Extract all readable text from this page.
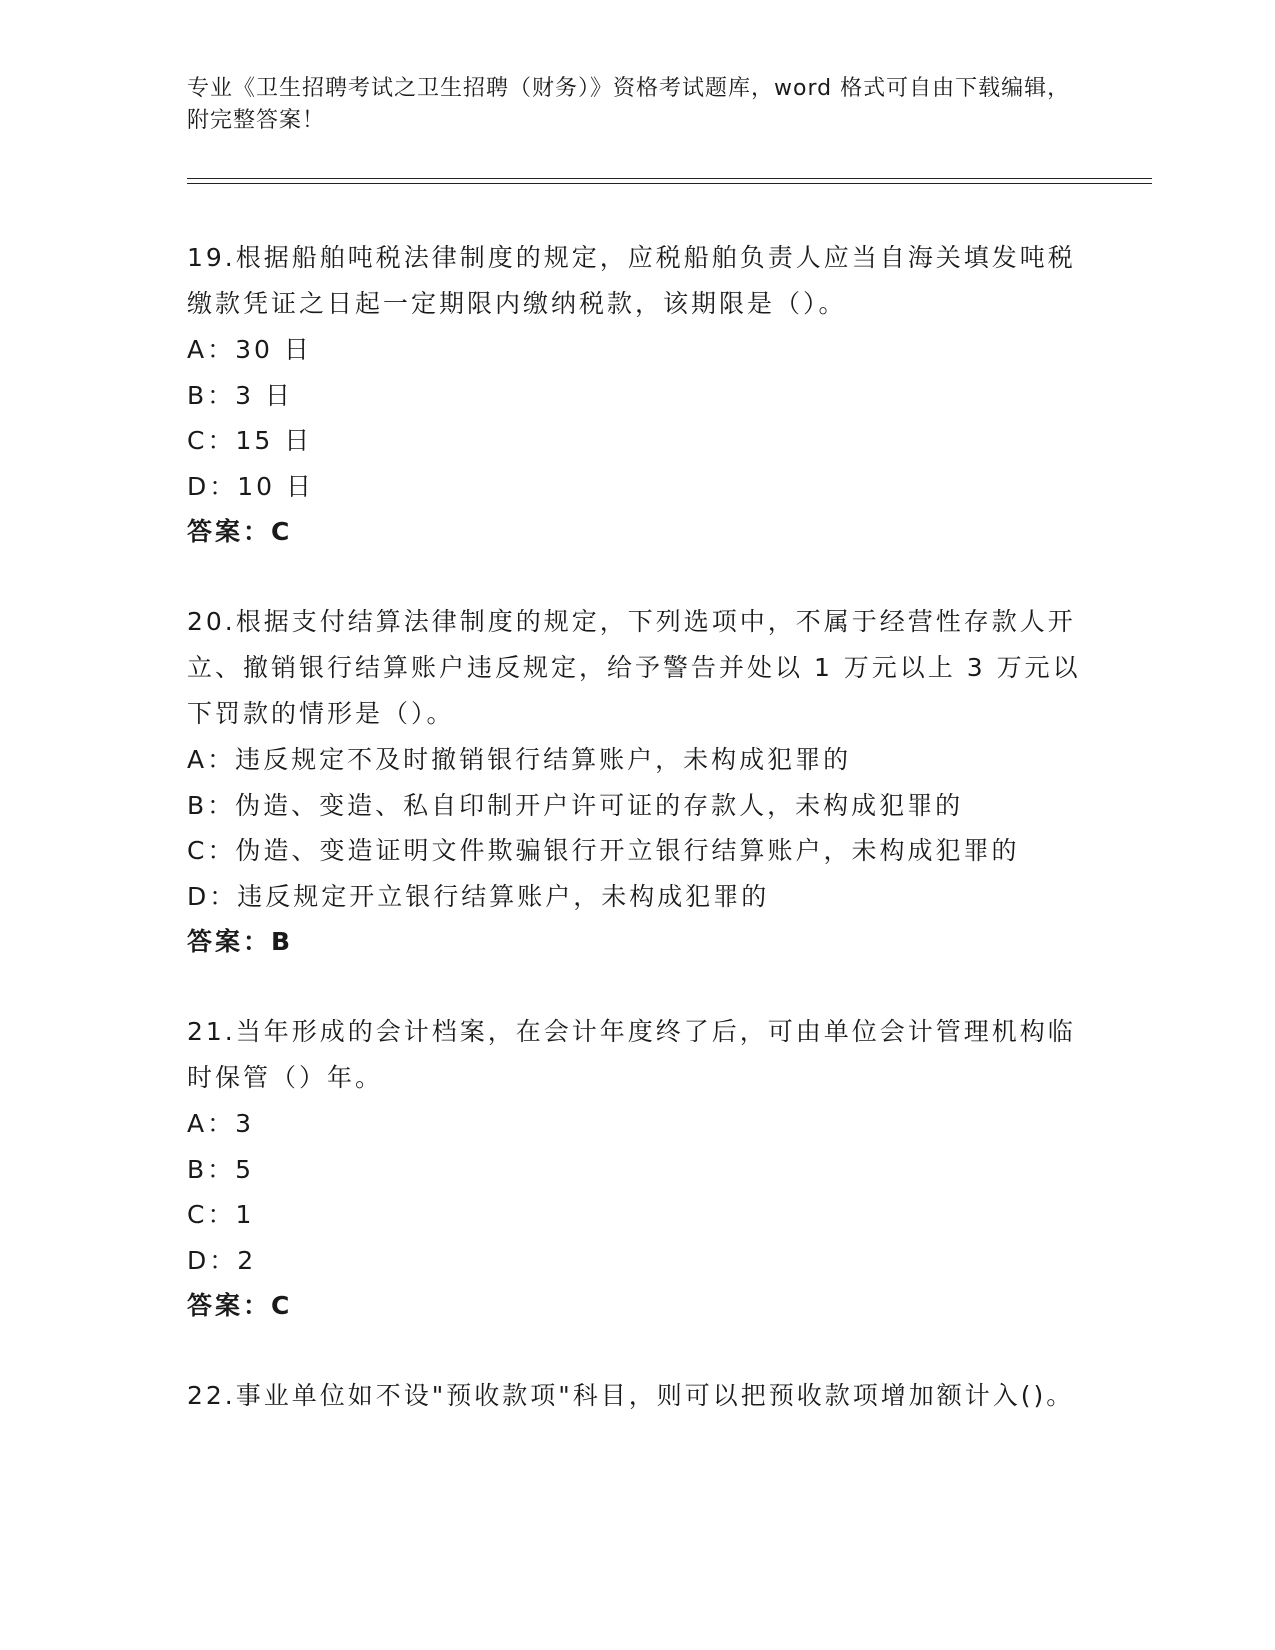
专业《卫生招聘考试之卫生招聘（财务）》资格考试题库，word 格式可自由下载编辑，附完整答案！
19.根据船舶吨税法律制度的规定，应税船舶负责人应当自海关填发吨税缴款凭证之日起一定期限内缴纳税款，该期限是（）。
A：30 日
B：3 日
C：15 日
D：10 日
答案：C
20.根据支付结算法律制度的规定，下列选项中，不属于经营性存款人开立、撤销银行结算账户违反规定，给予警告并处以 1 万元以上 3 万元以下罚款的情形是（）。
A：违反规定不及时撤销银行结算账户，未构成犯罪的
B：伪造、变造、私自印制开户许可证的存款人，未构成犯罪的
C：伪造、变造证明文件欺骗银行开立银行结算账户，未构成犯罪的
D：违反规定开立银行结算账户，未构成犯罪的
答案：B
21.当年形成的会计档案，在会计年度终了后，可由单位会计管理机构临时保管（）年。
A：3
B：5
C：1
D：2
答案：C
22.事业单位如不设"预收款项"科目，则可以把预收款项增加额计入()。
